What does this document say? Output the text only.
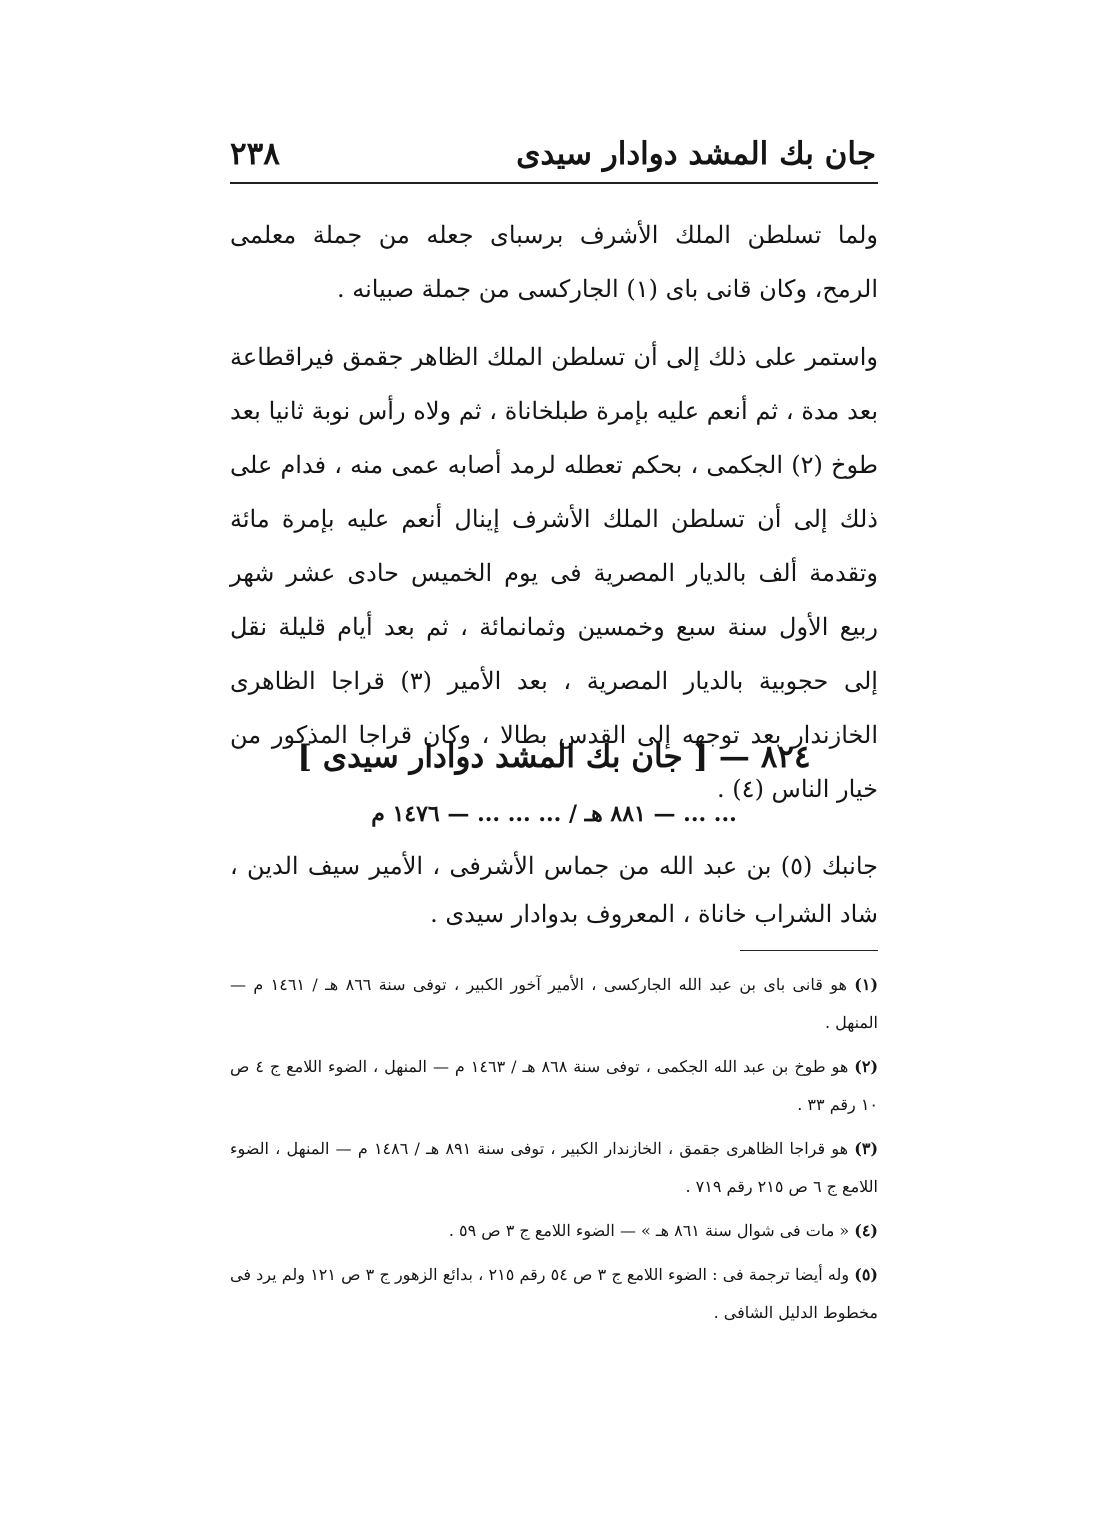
٢٣٨	جان بك المشد دوادار سيدى

ولما تسلطن الملك الأشرف برسباى جعله من جملة معلمى الرمح، وكان قانى باى (١) الجاركسى من جملة صبيانه .

واستمر على ذلك إلى أن تسلطن الملك الظاهر جقمق فيراقطاعة بعد مدة ، ثم أنعم عليه بإمرة طبلخاناة ، ثم ولاه رأس نوبة ثانيا بعد طوخ (٢) الجكمى ، بحكم تعطله لرمد أصابه عمى منه ، فدام على ذلك إلى أن تسلطن الملك الأشرف إينال أنعم عليه بإمرة مائة وتقدمة ألف بالديار المصرية فى يوم الخميس حادى عشر شهر ربيع الأول سنة سبع وخمسين وثمانمائة ، ثم بعد أيام قليلة نقل إلى حجوبية بالديار المصرية ، بعد الأمير (٣) قراجا الظاهرى الخازندار بعد توجهه إلى القدس بطالا ، وكان قراجا المذكور من خيار الناس (٤) .

٨٢٤ — [ جان بك المشد دوادار سيدى ]
... ... — ٨٨١ هـ / ... ... ... — ١٤٧٦ م

جانبك (٥) بن عبد الله من جماس الأشرفى ، الأمير سيف الدين ، شاد الشراب خاناة ، المعروف بدوادار سيدى .

(١) هو قانى باى بن عبد الله الجاركسى ، الأمير آخور الكبير ، توفى سنة ٨٦٦ هـ / ١٤٦١ م — المنهل .

(٢) هو طوخ بن عبد الله الجكمى ، توفى سنة ٨٦٨ هـ / ١٤٦٣ م — المنهل ، الضوء اللامع ج ٤ ص ١٠ رقم ٣٣ .

(٣) هو قراجا الظاهرى جقمق ، الخازندار الكبير ، توفى سنة ٨٩١ هـ / ١٤٨٦ م — المنهل ، الضوء اللامع ج ٦ ص ٢١٥ رقم ٧١٩ .

(٤) « مات فى شوال سنة ٨٦١ هـ » — الضوء اللامع ج ٣ ص ٥٩ .

(٥) وله أيضا ترجمة فى : الضوء اللامع ج ٣ ص ٥٤ رقم ٢١٥ ، بدائع الزهور ج ٣ ص ١٢١ ولم يرد فى مخطوط الدليل الشافى .
